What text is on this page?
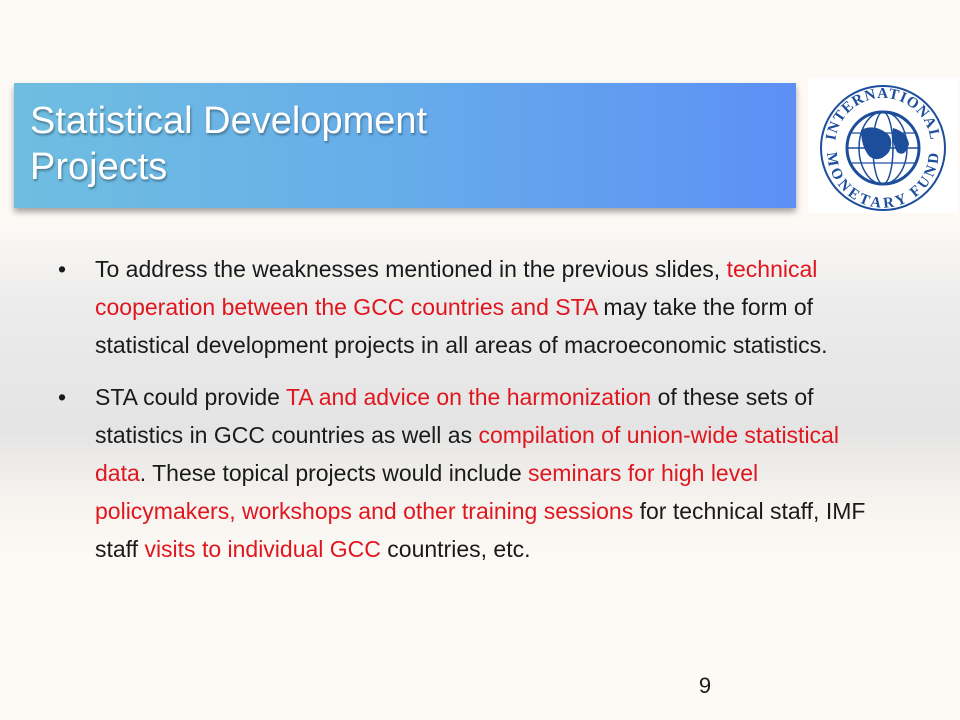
Statistical Development
Projects
INTERNATIONAL
MONETARY FUND
• To address the weaknesses mentioned in the previous slides, technical cooperation between the GCC countries and STA may take the form of statistical development projects in all areas of macroeconomic statistics.
• STA could provide TA and advice on the harmonization of these sets of statistics in GCC countries as well as compilation of union-wide statistical data. These topical projects would include seminars for high level policymakers, workshops and other training sessions for technical staff, IMF staff visits to individual GCC countries, etc.
9
